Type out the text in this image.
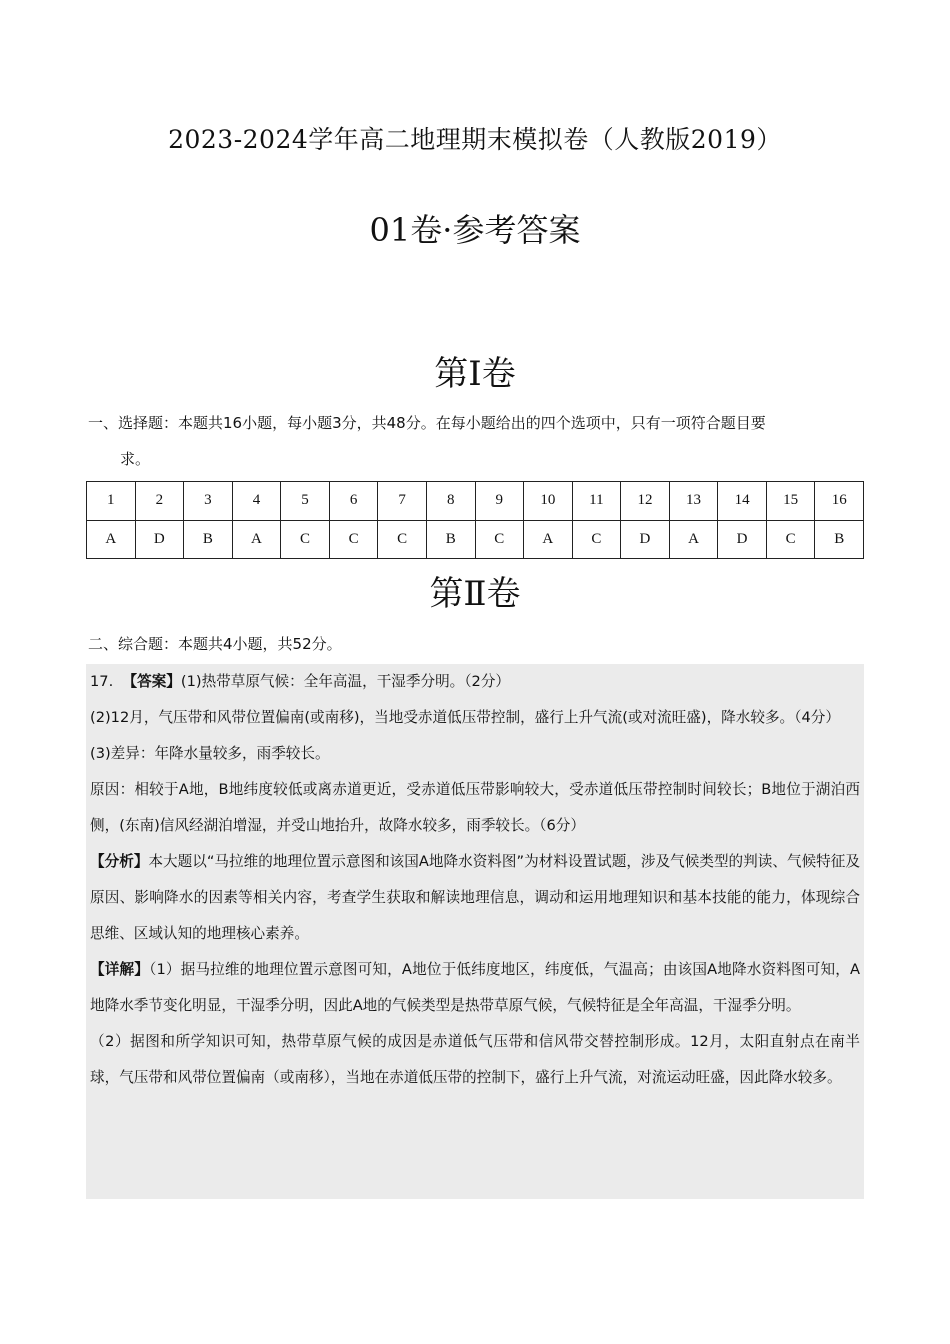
2023-2024学年高二地理期末模拟卷（人教版2019）
01卷·参考答案
第Ⅰ卷
一、选择题：本题共16小题，每小题3分，共48分。在每小题给出的四个选项中，只有一项符合题目要
求。
1	2	3	4	5	6	7	8	9	10	11	12	13	14	15	16
A	D	B	A	C	C	C	B	C	A	C	D	A	D	C	B
第Ⅱ卷
二、综合题：本题共4小题，共52分。

17. 【答案】(1)热带草原气候：全年高温，干湿季分明。（2分）

(2)12月，气压带和风带位置偏南(或南移)，当地受赤道低压带控制，盛行上升气流(或对流旺盛)，降水较多。（4分）

(3)差异：年降水量较多，雨季较长。

原因：相较于A地，B地纬度较低或离赤道更近，受赤道低压带影响较大，受赤道低压带控制时间较长；B地位于湖泊西侧，(东南)信风经湖泊增湿，并受山地抬升，故降水较多，雨季较长。（6分）

【分析】本大题以“马拉维的地理位置示意图和该国A地降水资料图”为材料设置试题，涉及气候类型的判读、气候特征及原因、影响降水的因素等相关内容，考查学生获取和解读地理信息，调动和运用地理知识和基本技能的能力，体现综合思维、区域认知的地理核心素养。

【详解】（1）据马拉维的地理位置示意图可知，A地位于低纬度地区，纬度低，气温高；由该国A地降水资料图可知，A地降水季节变化明显，干湿季分明，因此A地的气候类型是热带草原气候，气候特征是全年高温，干湿季分明。

（2）据图和所学知识可知，热带草原气候的成因是赤道低气压带和信风带交替控制形成。12月，太阳直射点在南半球，气压带和风带位置偏南（或南移），当地在赤道低压带的控制下，盛行上升气流，对流运动旺盛，因此降水较多。
